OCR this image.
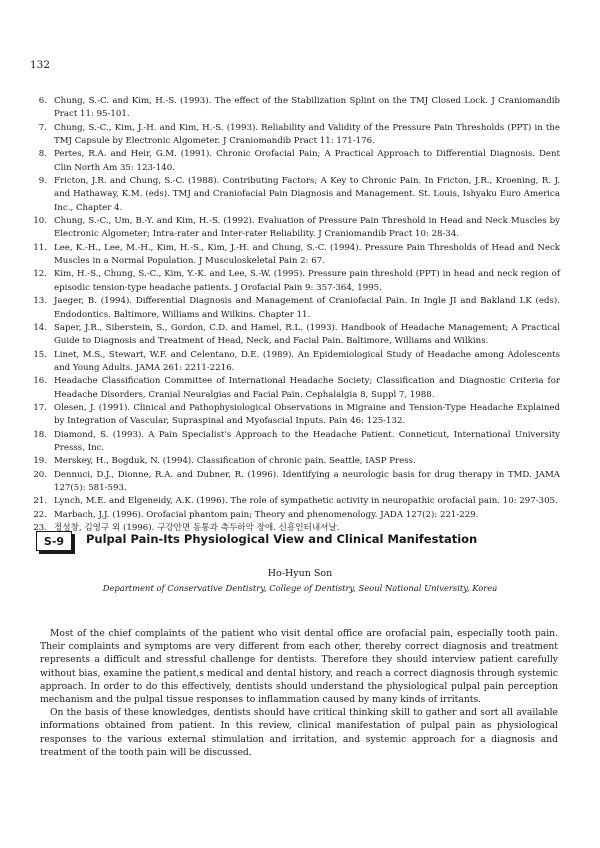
132
6. Chung, S.-C. and Kim, H.-S. (1993). The effect of the Stabilization Splint on the TMJ Closed Lock. J Craniomandib Pract 11: 95-101.
7. Chung, S.-C., Kim, J.-H. and Kim, H.-S. (1993). Reliability and Validity of the Pressure Pain Thresholds (PPT) in the TMJ Capsule by Electronic Algometer. J Craniomandib Pract 11: 171-176.
8. Pertes, R.A. and Heir, G.M. (1991). Chronic Orofacial Pain; A Practical Approach to Differential Diagnosis. Dent Clin North Am 35: 123-140.
9. Fricton, J.R. and Chung, S.-C. (1988). Contributing Factors; A Key to Chronic Pain. In Fricton, J.R., Kroening, R. J. and Hathaway, K.M. (eds). TMJ and Craniofacial Pain Diagnosis and Management. St. Louis, Ishyaku Euro America Inc., Chapter 4.
10. Chung, S.-C., Um, B.-Y. and Kim, H.-S. (1992). Evaluation of Pressure Pain Threshold in Head and Neck Muscles by Electronic Algometer; Intra-rater and Inter-rater Reliability. J Craniomandib Pract 10: 28-34.
11. Lee, K.-H., Lee, M.-H., Kim, H.-S., Kim, J.-H. and Chung, S.-C. (1994). Pressure Pain Thresholds of Head and Neck Muscles in a Normal Population. J Musculoskeletal Pain 2: 67.
12. Kim, H.-S., Chung, S.-C., Kim, Y.-K. and Lee, S.-W. (1995). Pressure pain threshold (PPT) in head and neck region of episodic tension-type headache patients. J Orofacial Pain 9: 357-364, 1995.
13. Jaeger, B. (1994). Differential Diagnosis and Management of Craniofacial Pain. In Ingle JI and Bakland LK (eds). Endodontics. Baltimore, Williams and Wilkins. Chapter 11.
14. Saper, J.R., Siberstein, S., Gordon, C.D. and Hamel, R.L. (1993). Handbook of Headache Management; A Practical Guide to Diagnosis and Treatment of Head, Neck, and Facial Pain. Baltimore, Williams and Wilkins.
15. Linet, M.S., Stewart, W.F. and Celentano, D.E. (1989). An Epidemiological Study of Headache among Adolescents and Young Adults. JAMA 261: 2211-2216.
16. Headache Classification Committee of International Headache Society; Classification and Diagnostic Criteria for Headache Disorders, Cranial Neuralgias and Facial Pain. Cephalalgia 8, Suppl 7, 1988.
17. Olesen, J. (1991). Clinical and Pathophysiological Observations in Migraine and Tension-Type Headache Explained by Integration of Vascular, Supraspinal and Myofascial Inputs. Pain 46: 125-132.
18. Diamond, S. (1993). A Pain Specialist's Approach to the Headache Patient. Conneticut, International University Presss, Inc.
19. Merskey, H., Bogduk, N. (1994). Classification of chronic pain. Seattle, IASP Press.
20. Dennuci, D.J., Dionne, R.A. and Dubner, R. (1996). Identifying a neurologic basis for drug therapy in TMD. JAMA 127(5): 581-593.
21. Lynch, M.E. and Elgeneidy, A.K. (1996). The role of sympathetic activity in neuropathic orofacial pain. 10: 297-305.
22. Marbach, J.J. (1996). Orofacial phantom pain; Theory and phenomenology. JADA 127(2): 221-229.
23. 정성창, 김영구 외 (1996). 구강안면 동통과 측두하악 장애. 신흥인터내셔날.
S-9	Pulpal Pain-Its Physiological View and Clinical Manifestation
Ho-Hyun Son
Department of Conservative Dentistry, College of Dentistry, Seoul National University, Korea

Most of the chief complaints of the patient who visit dental office are orofacial pain, especially tooth pain. Their complaints and symptoms are very different from each other, thereby correct diagnosis and treatment represents a difficult and stressful challenge for dentists. Therefore they should interview patient carefully without bias, examine the patient,s medical and dental history, and reach a correct diagnosis through systemic approach. In order to do this effectively, dentists should understand the physiological pulpal pain perception mechanism and the pulpal tissue responses to inflammation caused by many kinds of irritants.

On the basis of these knowledges, dentists should have critical thinking skill to gather and sort all available informations obtained from patient. In this review, clinical manifestation of pulpal pain as physiological responses to the various external stimulation and irritation, and systemic approach for a diagnosis and treatment of the tooth pain will be discussed.
